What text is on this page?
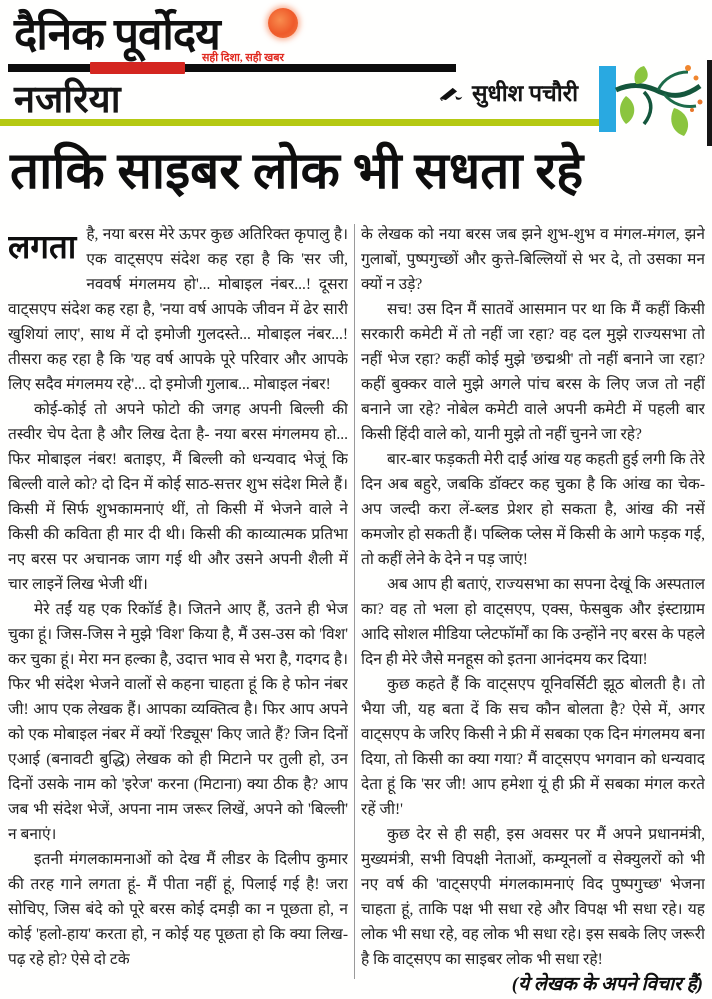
दैनिक पूर्वोदय
सही दिशा, सही खबर
नजरिया	सुधीश पचौरी
ताकि साइबर लोक भी सधता रहे

लगता है, नया बरस मेरे ऊपर कुछ अतिरिक्त कृपालु है। एक वाट्सएप संदेश कह रहा है कि 'सर जी, नववर्ष मंगलमय हो'... मोबाइल नंबर...! दूसरा वाट्सएप संदेश कह रहा है, 'नया वर्ष आपके जीवन में ढेर सारी खुशियां लाए', साथ में दो इमोजी गुलदस्ते... मोबाइल नंबर...! तीसरा कह रहा है कि 'यह वर्ष आपके पूरे परिवार और आपके लिए सदैव मंगलमय रहे'... दो इमोजी गुलाब... मोबाइल नंबर!

कोई-कोई तो अपने फोटो की जगह अपनी बिल्ली की तस्वीर चेप देता है और लिख देता है- नया बरस मंगलमय हो... फिर मोबाइल नंबर! बताइए, मैं बिल्ली को धन्यवाद भेजूं कि बिल्ली वाले को? दो दिन में कोई साठ-सत्तर शुभ संदेश मिले हैं। किसी में सिर्फ शुभकामनाएं थीं, तो किसी में भेजने वाले ने किसी की कविता ही मार दी थी। किसी की काव्यात्मक प्रतिभा नए बरस पर अचानक जाग गई थी और उसने अपनी शैली में चार लाइनें लिख भेजी थीं।

मेरे तईं यह एक रिकॉर्ड है। जितने आए हैं, उतने ही भेज चुका हूं। जिस-जिस ने मुझे 'विश' किया है, मैं उस-उस को 'विश' कर चुका हूं। मेरा मन हल्का है, उदात्त भाव से भरा है, गदगद है। फिर भी संदेश भेजने वालों से कहना चाहता हूं कि हे फोन नंबर जी! आप एक लेखक हैं। आपका व्यक्तित्व है। फिर आप अपने को एक मोबाइल नंबर में क्यों 'रिड्यूस' किए जाते हैं? जिन दिनों एआई (बनावटी बुद्धि) लेखक को ही मिटाने पर तुली हो, उन दिनों उसके नाम को 'इरेज' करना (मिटाना) क्या ठीक है? आप जब भी संदेश भेजें, अपना नाम जरूर लिखें, अपने को 'बिल्ली' न बनाएं।

इतनी मंगलकामनाओं को देख मैं लीडर के दिलीप कुमार की तरह गाने लगता हूं- मैं पीता नहीं हूं, पिलाई गई है! जरा सोचिए, जिस बंदे को पूरे बरस कोई दमड़ी का न पूछता हो, न कोई 'हलो-हाय' करता हो, न कोई यह पूछता हो कि क्या लिख-पढ़ रहे हो? ऐसे दो टके

के लेखक को नया बरस जब झने शुभ-शुभ व मंगल-मंगल, झने गुलाबों, पुष्पगुच्छों और कुत्ते-बिल्लियों से भर दे, तो उसका मन क्यों न उड़े?

सच! उस दिन मैं सातवें आसमान पर था कि मैं कहीं किसी सरकारी कमेटी में तो नहीं जा रहा? वह दल मुझे राज्यसभा तो नहीं भेज रहा? कहीं कोई मुझे 'छद्मश्री' तो नहीं बनाने जा रहा? कहीं बुक्कर वाले मुझे अगले पांच बरस के लिए जज तो नहीं बनाने जा रहे? नोबेल कमेटी वाले अपनी कमेटी में पहली बार किसी हिंदी वाले को, यानी मुझे तो नहीं चुनने जा रहे?

बार-बार फड़कती मेरी दाईं आंख यह कहती हुई लगी कि तेरे दिन अब बहुरे, जबकि डॉक्टर कह चुका है कि आंख का चेक-अप जल्दी करा लें-ब्लड प्रेशर हो सकता है, आंख की नसें कमजोर हो सकती हैं। पब्लिक प्लेस में किसी के आगे फड़क गई, तो कहीं लेने के देने न पड़ जाएं!

अब आप ही बताएं, राज्यसभा का सपना देखूं कि अस्पताल का? वह तो भला हो वाट्सएप, एक्स, फेसबुक और इंस्टाग्राम आदि सोशल मीडिया प्लेटफॉर्मों का कि उन्होंने नए बरस के पहले दिन ही मेरे जैसे मनहूस को इतना आनंदमय कर दिया!

कुछ कहते हैं कि वाट्सएप यूनिवर्सिटी झूठ बोलती है। तो भैया जी, यह बता दें कि सच कौन बोलता है? ऐसे में, अगर वाट्सएप के जरिए किसी ने फ्री में सबका एक दिन मंगलमय बना दिया, तो किसी का क्या गया? मैं वाट्सएप भगवान को धन्यवाद देता हूं कि 'सर जी! आप हमेशा यूं ही फ्री में सबका मंगल करते रहें जी!'

कुछ देर से ही सही, इस अवसर पर मैं अपने प्रधानमंत्री, मुख्यमंत्री, सभी विपक्षी नेताओं, कम्यूनलों व सेक्युलरों को भी नए वर्ष की 'वाट्सएपी मंगलकामनाएं विद पुष्पगुच्छ' भेजना चाहता हूं, ताकि पक्ष भी सधा रहे और विपक्ष भी सधा रहे। यह लोक भी सधा रहे, वह लोक भी सधा रहे। इस सबके लिए जरूरी है कि वाट्सएप का साइबर लोक भी सधा रहे!

(ये लेखक के अपने विचार हैं)
